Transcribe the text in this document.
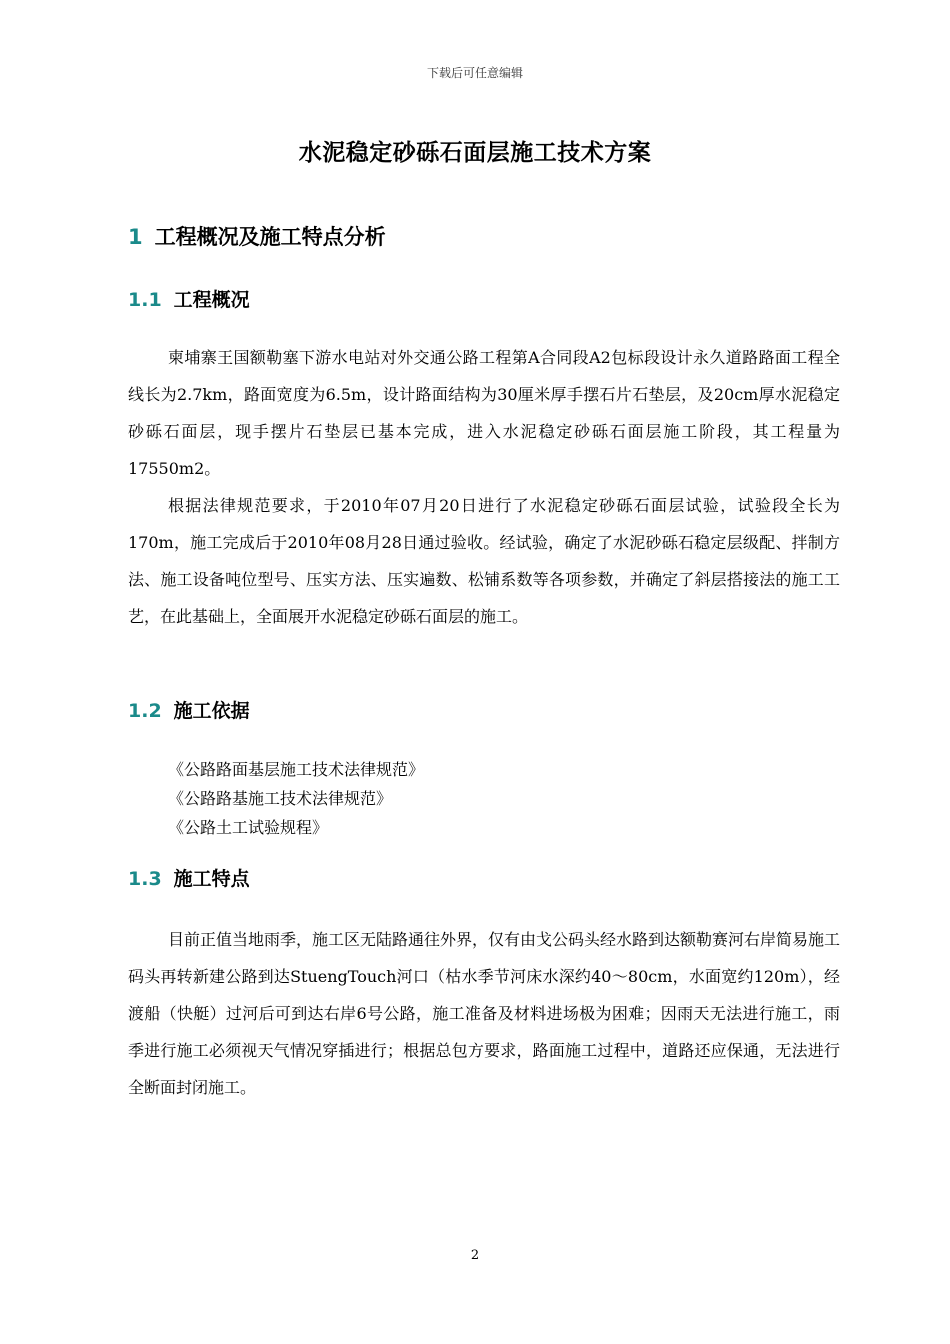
下载后可任意编辑
水泥稳定砂砾石面层施工技术方案
1 工程概况及施工特点分析
1.1 工程概况

柬埔寨王国额勒塞下游水电站对外交通公路工程第A合同段A2包标段设计永久道路路面工程全线长为2.7km，路面宽度为6.5m，设计路面结构为30厘米厚手摆石片石垫层，及20cm厚水泥稳定砂砾石面层，现手摆片石垫层已基本完成，进入水泥稳定砂砾石面层施工阶段，其工程量为17550m2。

根据法律规范要求，于2010年07月20日进行了水泥稳定砂砾石面层试验，试验段全长为170m，施工完成后于2010年08月28日通过验收。经试验，确定了水泥砂砾石稳定层级配、拌制方法、施工设备吨位型号、压实方法、压实遍数、松铺系数等各项参数，并确定了斜层搭接法的施工工艺，在此基础上，全面展开水泥稳定砂砾石面层的施工。

1.2 施工依据
《公路路面基层施工技术法律规范》
《公路路基施工技术法律规范》
《公路土工试验规程》
1.3 施工特点

目前正值当地雨季，施工区无陆路通往外界，仅有由戈公码头经水路到达额勒赛河右岸简易施工码头再转新建公路到达StuengTouch河口（枯水季节河床水深约40～80cm，水面宽约120m），经渡船（快艇）过河后可到达右岸6号公路，施工准备及材料进场极为困难；因雨天无法进行施工，雨季进行施工必须视天气情况穿插进行；根据总包方要求，路面施工过程中，道路还应保通，无法进行全断面封闭施工。

2
